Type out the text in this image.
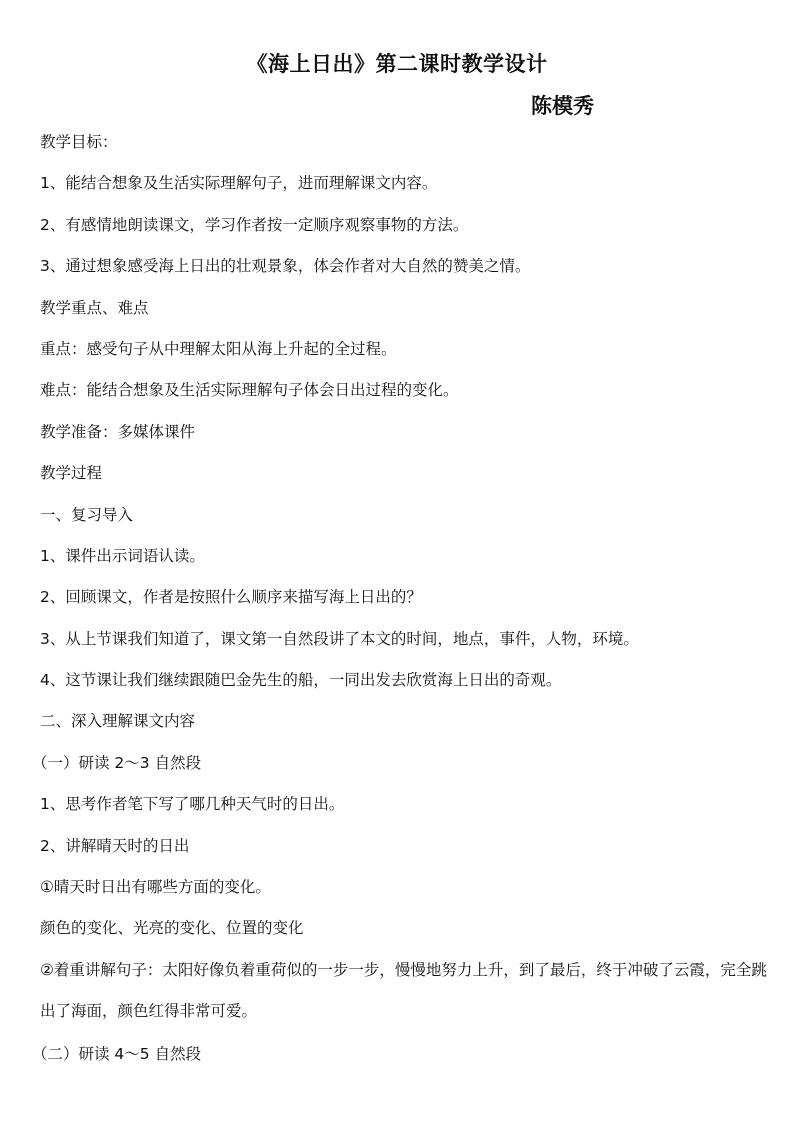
《海上日出》第二课时教学设计
陈模秀
教学目标：
1、能结合想象及生活实际理解句子，进而理解课文内容。
2、有感情地朗读课文，学习作者按一定顺序观察事物的方法。
3、通过想象感受海上日出的壮观景象，体会作者对大自然的赞美之情。
教学重点、难点
重点：感受句子从中理解太阳从海上升起的全过程。
难点：能结合想象及生活实际理解句子体会日出过程的变化。
教学准备：多媒体课件
教学过程
一、复习导入
1、课件出示词语认读。
2、回顾课文，作者是按照什么顺序来描写海上日出的？
3、从上节课我们知道了，课文第一自然段讲了本文的时间，地点，事件，人物，环境。
4、这节课让我们继续跟随巴金先生的船，一同出发去欣赏海上日出的奇观。
二、深入理解课文内容
（一）研读 2～3 自然段
1、思考作者笔下写了哪几种天气时的日出。
2、讲解晴天时的日出
①晴天时日出有哪些方面的变化。
颜色的变化、光亮的变化、位置的变化
②着重讲解句子：太阳好像负着重荷似的一步一步，慢慢地努力上升，到了最后，终于冲破了云霞，完全跳出了海面，颜色红得非常可爱。
（二）研读 4～5 自然段
